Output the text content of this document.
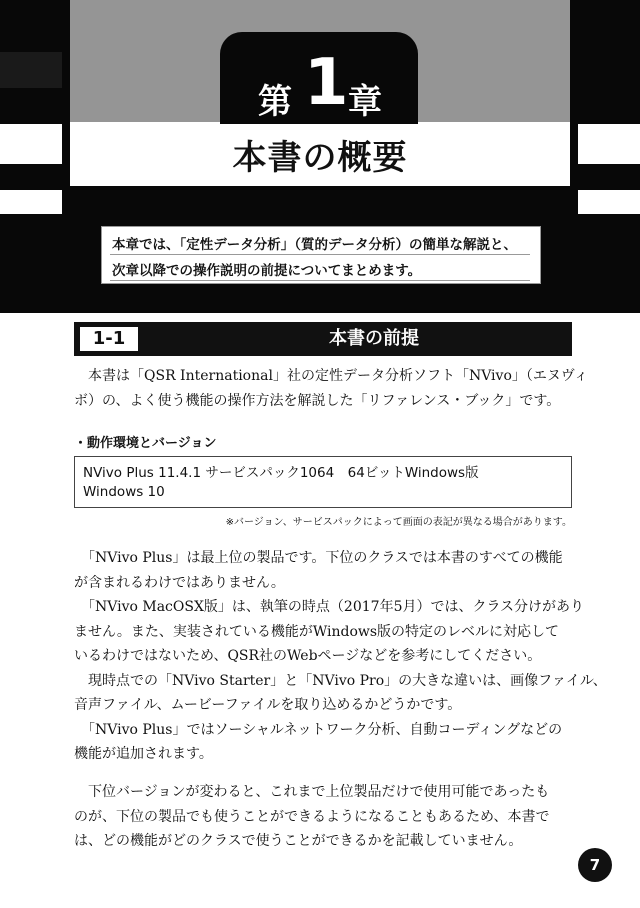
第 1 章
本書の概要
本章では、「定性データ分析」（質的データ分析）の簡単な解説と、
次章以降での操作説明の前提についてまとめます。
1-1	本書の前提
　本書は「QSR International」社の定性データ分析ソフト「NVivo」（エヌヴィ
ボ）の、よく使う機能の操作方法を解説した「リファレンス・ブック」です。
・動作環境とバージョン
NVivo Plus 11.4.1 サービスパック1064　64ビットWindows版
Windows 10
※バージョン、サービスパックによって画面の表記が異なる場合があります。
　「NVivo Plus」は最上位の製品です。下位のクラスでは本書のすべての機能
が含まれるわけではありません。
　「NVivo MacOSX版」は、執筆の時点（2017年5月）では、クラス分けがあり
ません。また、実装されている機能がWindows版の特定のレベルに対応して
いるわけではないため、QSR社のWebページなどを参考にしてください。
　現時点での「NVivo Starter」と「NVivo Pro」の大きな違いは、画像ファイル、
音声ファイル、ムービーファイルを取り込めるかどうかです。
　「NVivo Plus」ではソーシャルネットワーク分析、自動コーディングなどの
機能が追加されます。
　下位バージョンが変わると、これまで上位製品だけで使用可能であったも
のが、下位の製品でも使うことができるようになることもあるため、本書で
は、どの機能がどのクラスで使うことができるかを記載していません。
7
